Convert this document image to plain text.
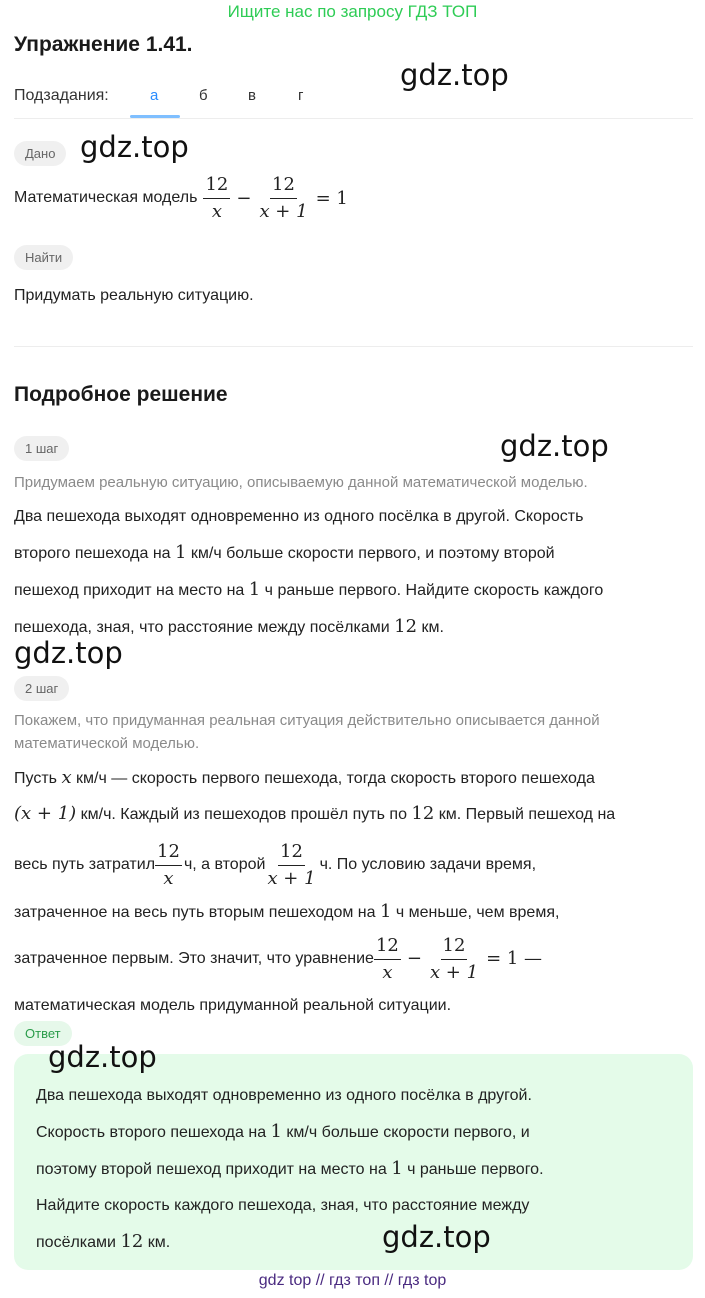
Ищите нас по запросу ГДЗ ТОП
Упражнение 1.41.
gdz.top
Подзадания:	а	б	в	г
Дано gdz.top
Математическая модель $\frac{12}{x} - \frac{12}{x + 1} = 1$
Найти
Придумать реальную ситуацию.
Подробное решение
1 шаг	gdz.top
Придумаем реальную ситуацию, описываемую данной математической моделью.
Два пешехода выходят одновременно из одного посёлка в другой. Скорость
второго пешехода на 1 км/ч больше скорости первого, и поэтому второй
пешеход приходит на место на 1 ч раньше первого. Найдите скорость каждого
пешехода, зная, что расстояние между посёлками 12 км.
gdz.top
2 шаг
Покажем, что придуманная реальная ситуация действительно описывается данной
математической моделью.
Пусть x км/ч — скорость первого пешехода, тогда скорость второго пешехода
(x + 1) км/ч. Каждый из пешеходов прошёл путь по 12 км. Первый пешеход на
весь путь затратил $\frac{12}{x} ч$, а второй $\frac{12}{x + 1} ч$. По условию задачи время,
затраченное на весь путь вторым пешеходом на 1 ч меньше, чем время,
затраченное первым. Это значит, что уравнение $\frac{12}{x} - \frac{12}{x + 1} = 1$ —
математическая модель придуманной реальной ситуации.
Ответ
gdz.top
Два пешехода выходят одновременно из одного посёлка в другой.
Скорость второго пешехода на 1 км/ч больше скорости первого, и
поэтому второй пешеход приходит на место на 1 ч раньше первого.
Найдите скорость каждого пешехода, зная, что расстояние между
посёлками 12 км.	gdz.top
gdz top // гдз топ // гдз top
